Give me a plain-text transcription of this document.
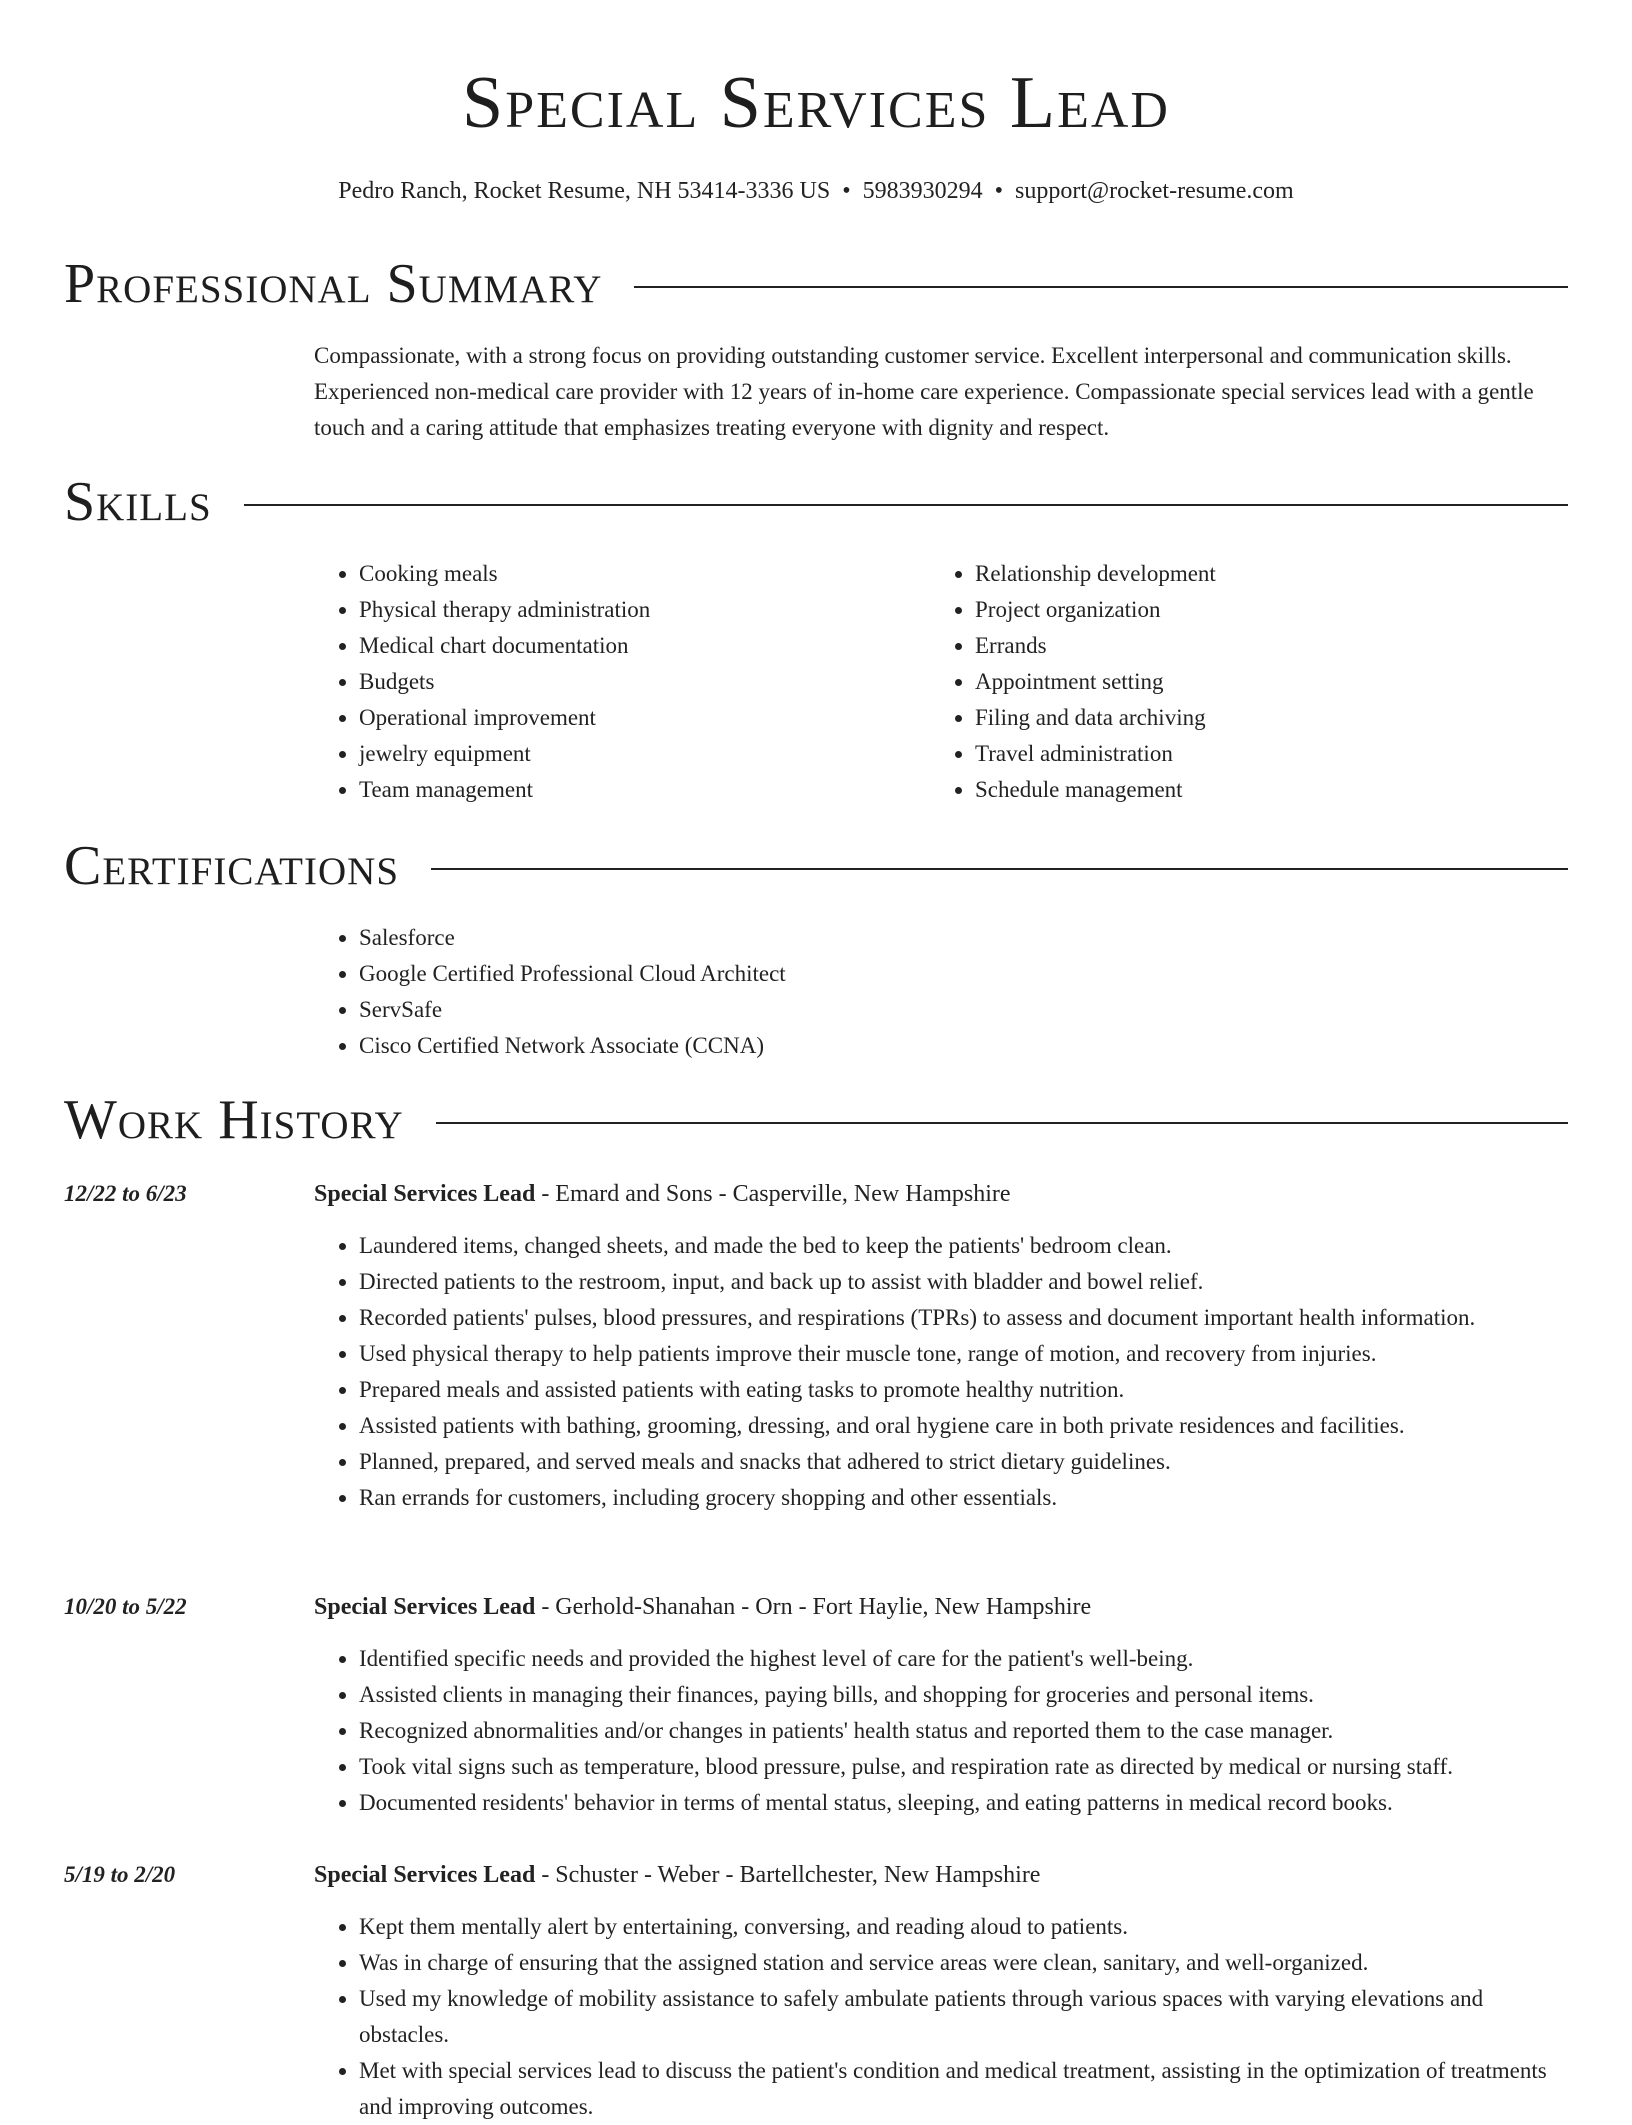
Special Services Lead
Pedro Ranch, Rocket Resume, NH 53414-3336 US • 5983930294 • support@rocket-resume.com
Professional Summary
Compassionate, with a strong focus on providing outstanding customer service. Excellent interpersonal and communication skills. Experienced non-medical care provider with 12 years of in-home care experience. Compassionate special services lead with a gentle touch and a caring attitude that emphasizes treating everyone with dignity and respect.
Skills
• Cooking meals
• Physical therapy administration
• Medical chart documentation
• Budgets
• Operational improvement
• jewelry equipment
• Team management
• Relationship development
• Project organization
• Errands
• Appointment setting
• Filing and data archiving
• Travel administration
• Schedule management
Certifications
• Salesforce
• Google Certified Professional Cloud Architect
• ServSafe
• Cisco Certified Network Associate (CCNA)
Work History
12/22 to 6/23	Special Services Lead - Emard and Sons - Casperville, New Hampshire
• Laundered items, changed sheets, and made the bed to keep the patients' bedroom clean.
• Directed patients to the restroom, input, and back up to assist with bladder and bowel relief.
• Recorded patients' pulses, blood pressures, and respirations (TPRs) to assess and document important health information.
• Used physical therapy to help patients improve their muscle tone, range of motion, and recovery from injuries.
• Prepared meals and assisted patients with eating tasks to promote healthy nutrition.
• Assisted patients with bathing, grooming, dressing, and oral hygiene care in both private residences and facilities.
• Planned, prepared, and served meals and snacks that adhered to strict dietary guidelines.
• Ran errands for customers, including grocery shopping and other essentials.
10/20 to 5/22	Special Services Lead - Gerhold-Shanahan - Orn - Fort Haylie, New Hampshire
• Identified specific needs and provided the highest level of care for the patient's well-being.
• Assisted clients in managing their finances, paying bills, and shopping for groceries and personal items.
• Recognized abnormalities and/or changes in patients' health status and reported them to the case manager.
• Took vital signs such as temperature, blood pressure, pulse, and respiration rate as directed by medical or nursing staff.
• Documented residents' behavior in terms of mental status, sleeping, and eating patterns in medical record books.
5/19 to 2/20	Special Services Lead - Schuster - Weber - Bartellchester, New Hampshire
• Kept them mentally alert by entertaining, conversing, and reading aloud to patients.
• Was in charge of ensuring that the assigned station and service areas were clean, sanitary, and well-organized.
• Used my knowledge of mobility assistance to safely ambulate patients through various spaces with varying elevations and obstacles.
• Met with special services lead to discuss the patient's condition and medical treatment, assisting in the optimization of treatments and improving outcomes.
